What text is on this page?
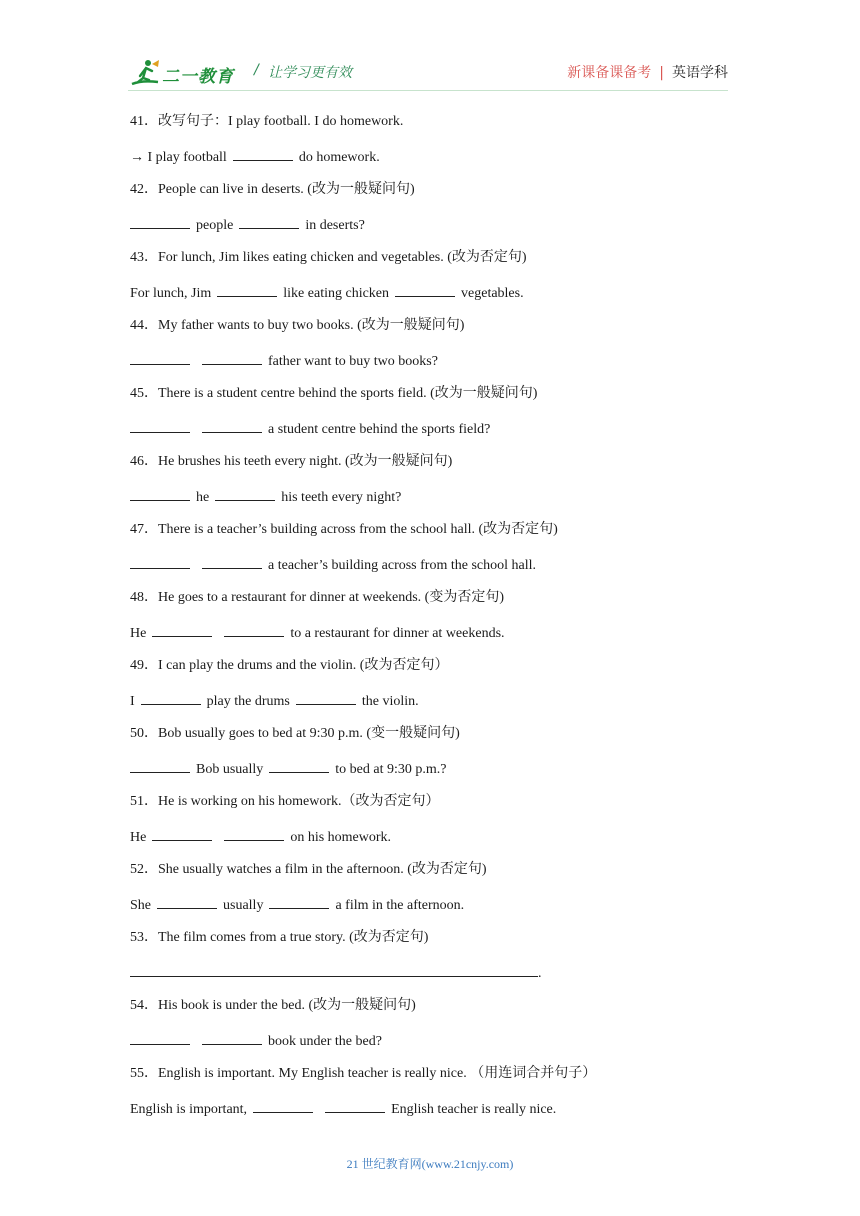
二一教育 / 让学习更有效	新课备课备考 | 英语学科
41．改写句子：I play football. I do homework.
→ I play football	do homework.
42．People can live in deserts. (改为一般疑问句)
people	in deserts?
43．For lunch, Jim likes eating chicken and vegetables. (改为否定句)
For lunch, Jim	like eating chicken	vegetables.
44．My father wants to buy two books. (改为一般疑问句)
father want to buy two books?
45．There is a student centre behind the sports field. (改为一般疑问句)
a student centre behind the sports field?
46．He brushes his teeth every night. (改为一般疑问句)
he	his teeth every night?
47．There is a teacher’s building across from the school hall. (改为否定句)
a teacher’s building across from the school hall.
48．He goes to a restaurant for dinner at weekends. (变为否定句)
He	to a restaurant for dinner at weekends.
49．I can play the drums and the violin. (改为否定句）
I	play the drums	the violin.
50．Bob usually goes to bed at 9:30 p.m. (变一般疑问句)
Bob usually	to bed at 9:30 p.m.?
51．He is working on his homework.（改为否定句）
He	on his homework.
52．She usually watches a film in the afternoon. (改为否定句)
She	usually	a film in the afternoon.
53．The film comes from a true story. (改为否定句)
.
54．His book is under the bed. (改为一般疑问句)
book under the bed?
55．English is important. My English teacher is really nice. （用连词合并句子）
English is important,	English teacher is really nice.
21 世纪教育网(www.21cnjy.com)
